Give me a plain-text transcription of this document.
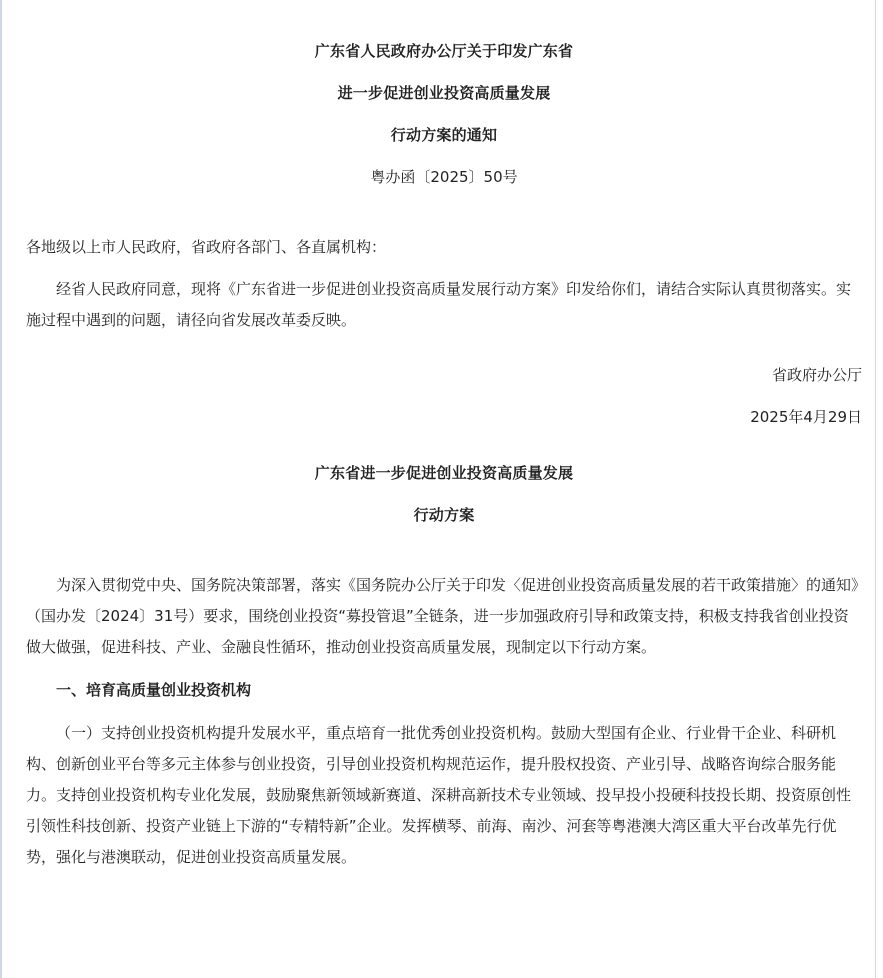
广东省人民政府办公厅关于印发广东省
进一步促进创业投资高质量发展
行动方案的通知
粤办函〔2025〕50号

各地级以上市人民政府，省政府各部门、各直属机构：

经省人民政府同意，现将《广东省进一步促进创业投资高质量发展行动方案》印发给你们，请结合实际认真贯彻落实。实施过程中遇到的问题，请径向省发展改革委反映。

省政府办公厅
2025年4月29日
广东省进一步促进创业投资高质量发展
行动方案

为深入贯彻党中央、国务院决策部署，落实《国务院办公厅关于印发〈促进创业投资高质量发展的若干政策措施〉的通知》（国办发〔2024〕31号）要求，围绕创业投资“募投管退”全链条，进一步加强政府引导和政策支持，积极支持我省创业投资做大做强，促进科技、产业、金融良性循环，推动创业投资高质量发展，现制定以下行动方案。

一、培育高质量创业投资机构

（一）支持创业投资机构提升发展水平，重点培育一批优秀创业投资机构。鼓励大型国有企业、行业骨干企业、科研机构、创新创业平台等多元主体参与创业投资，引导创业投资机构规范运作，提升股权投资、产业引导、战略咨询综合服务能力。支持创业投资机构专业化发展，鼓励聚焦新领域新赛道、深耕高新技术专业领域、投早投小投硬科技投长期、投资原创性引领性科技创新、投资产业链上下游的“专精特新”企业。发挥横琴、前海、南沙、河套等粤港澳大湾区重大平台改革先行优势，强化与港澳联动，促进创业投资高质量发展。
